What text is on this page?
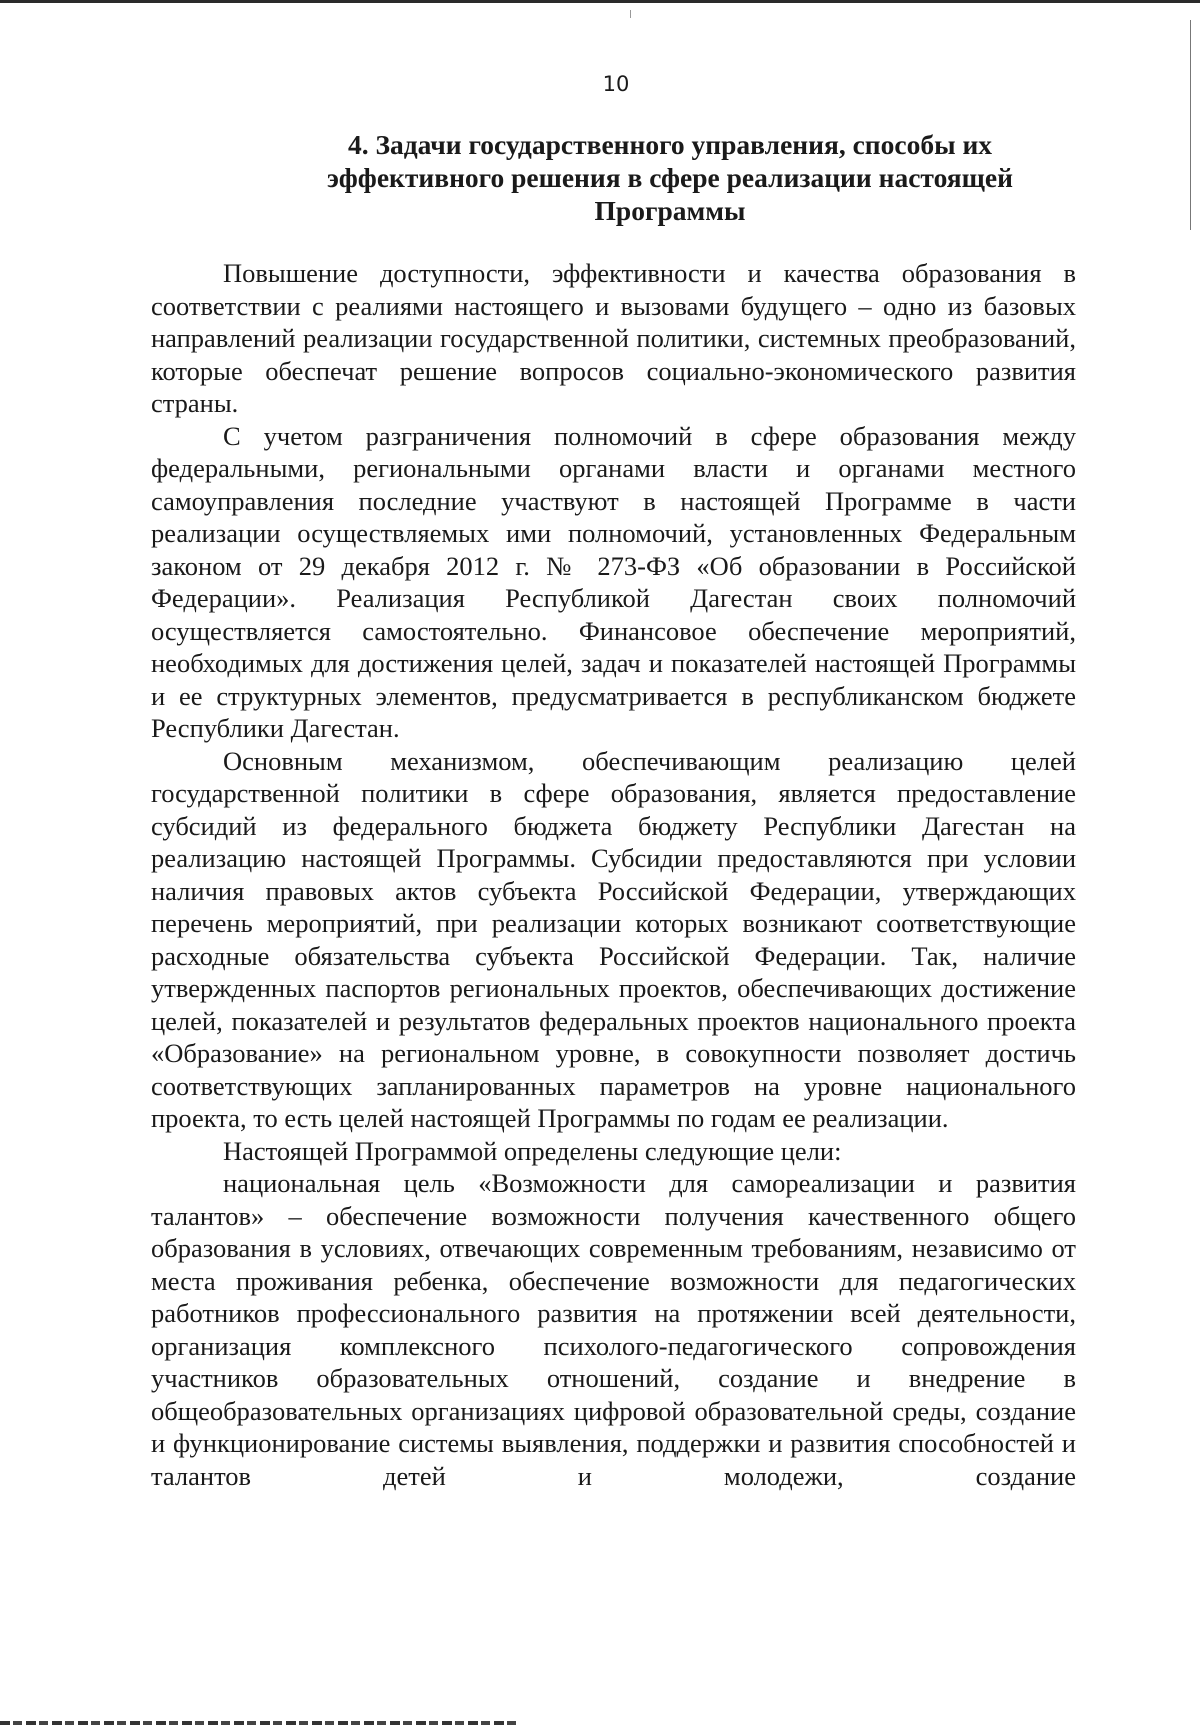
10
4. Задачи государственного управления, способы их
эффективного решения в сфере реализации настоящей
Программы

Повышение доступности, эффективности и качества образования в соответствии с реалиями настоящего и вызовами будущего – одно из базовых направлений реализации государственной политики, системных преобразований, которые обеспечат решение вопросов социально-экономического развития страны.

С учетом разграничения полномочий в сфере образования между федеральными, региональными органами власти и органами местного самоуправления последние участвуют в настоящей Программе в части реализации осуществляемых ими полномочий, установленных Федеральным законом от 29 декабря 2012 г. № 273-ФЗ «Об образовании в Российской Федерации». Реализация Республикой Дагестан своих полномочий осуществляется самостоятельно. Финансовое обеспечение мероприятий, необходимых для достижения целей, задач и показателей настоящей Программы и ее структурных элементов, предусматривается в республиканском бюджете Республики Дагестан.

Основным механизмом, обеспечивающим реализацию целей государственной политики в сфере образования, является предоставление субсидий из федерального бюджета бюджету Республики Дагестан на реализацию настоящей Программы. Субсидии предоставляются при условии наличия правовых актов субъекта Российской Федерации, утверждающих перечень мероприятий, при реализации которых возникают соответствующие расходные обязательства субъекта Российской Федерации. Так, наличие утвержденных паспортов региональных проектов, обеспечивающих достижение целей, показателей и результатов федеральных проектов национального проекта «Образование» на региональном уровне, в совокупности позволяет достичь соответствующих запланированных параметров на уровне национального проекта, то есть целей настоящей Программы по годам ее реализации.

Настоящей Программой определены следующие цели:

национальная цель «Возможности для самореализации и развития талантов» – обеспечение возможности получения качественного общего образования в условиях, отвечающих современным требованиям, независимо от места проживания ребенка, обеспечение возможности для педагогических работников профессионального развития на протяжении всей деятельности, организация комплексного психолого-педагогического сопровождения участников образовательных отношений, создание и внедрение в общеобразовательных организациях цифровой образовательной среды, создание и функционирование системы выявления, поддержки и развития способностей и талантов детей и молодежи, создание
